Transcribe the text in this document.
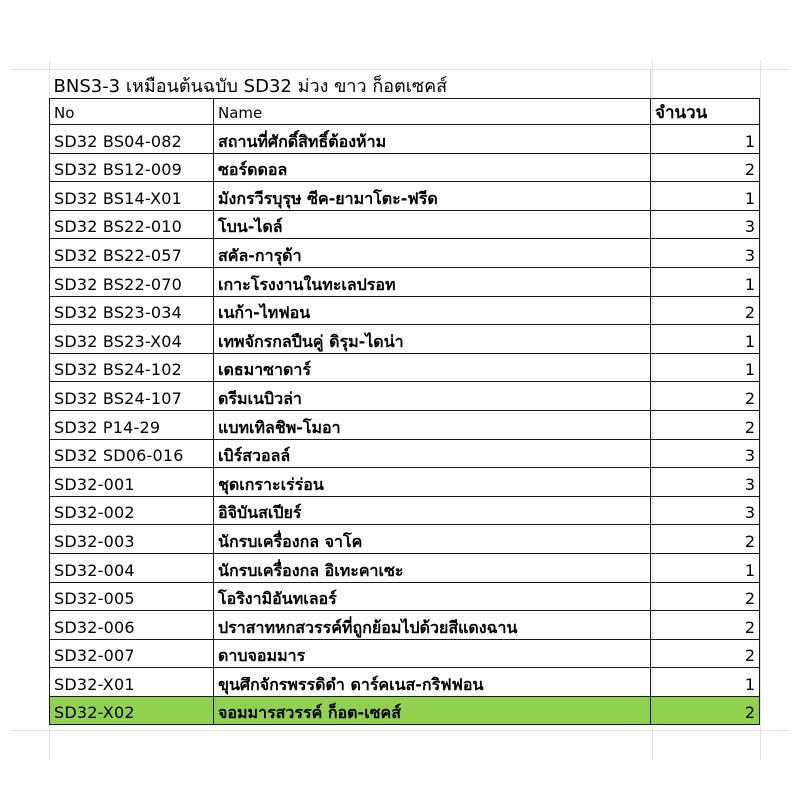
BNS3-3 เหมือนต้นฉบับ SD32 ม่วง ขาว ก็อตเซคส์		
No	Name	จำนวน
SD32 BS04-082	สถานที่ศักดิ์สิทธิ์ต้องห้าม	1
SD32 BS12-009	ซอร์ดดอล	2
SD32 BS14-X01	มังกรวีรบุรุษ ซีค-ยามาโตะ-ฟรีด	1
SD32 BS22-010	โบน-ไดล์	3
SD32 BS22-057	สคัล-การุด้า	3
SD32 BS22-070	เกาะโรงงานในทะเลปรอท	1
SD32 BS23-034	เนก้า-ไทฟอน	2
SD32 BS23-X04	เทพจักรกลปืนคู่ ดิรุม-ไดน่า	1
SD32 BS24-102	เดธมาซาดาร์	1
SD32 BS24-107	ดรีมเนบิวล่า	2
SD32 P14-29	แบทเทิลชิพ-โมอา	2
SD32 SD06-016	เบิร์สวอลล์	3
SD32-001	ชุดเกราะเร่ร่อน	3
SD32-002	อิจิบันสเปียร์	3
SD32-003	นักรบเครื่องกล จาโค	2
SD32-004	นักรบเครื่องกล อิเทะคาเซะ	1
SD32-005	โอริงามิอันทเลอร์	2
SD32-006	ปราสาทหกสวรรค์ที่ถูกย้อมไปด้วยสีแดงฉาน	2
SD32-007	ดาบจอมมาร	2
SD32-X01	ขุนศึกจักรพรรดิดำ ดาร์คเนส-กริฟฟอน	1
SD32-X02	จอมมารสวรรค์ ก็อต-เซคส์	2
